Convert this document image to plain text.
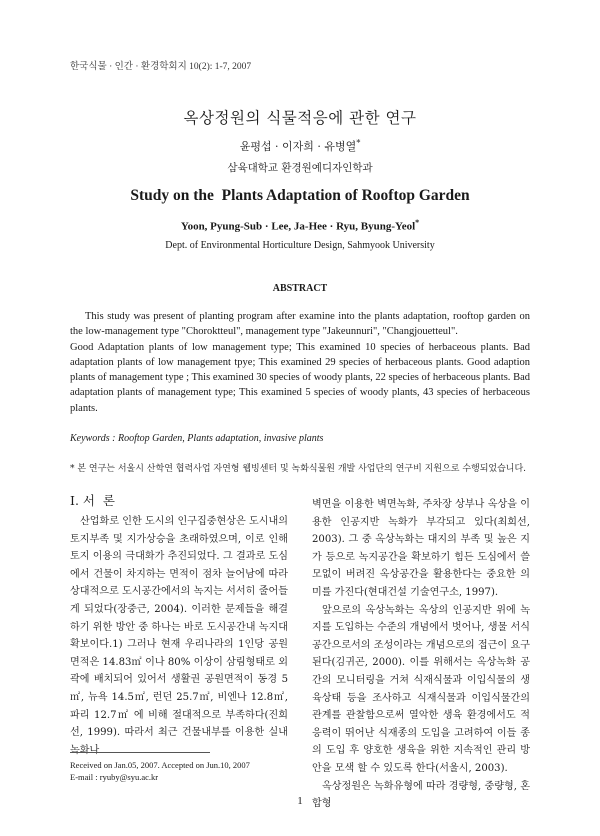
한국식물 · 인간 · 환경학회지 10(2): 1-7, 2007
옥상정원의 식물적응에 관한 연구
윤평섭 · 이자희 · 유병열*
삼육대학교 환경원예디자인학과
Study on the  Plants Adaptation of Rooftop Garden
Yoon, Pyung-Sub · Lee, Ja-Hee · Ryu, Byung-Yeol*
Dept. of Environmental Horticulture Design, Sahmyook University
ABSTRACT

This study was present of planting program after examine into the plants adaptation, rooftop garden on the low-management type "Choroktteul", management type "Jakeunnuri", "Changjouetteul".

Good Adaptation plants of low management type; This examined 10 species of herbaceous plants. Bad adaptation plants of low management tpye; This examined 29 species of herbaceous plants. Good adaption plants of management type ; This examined 30 species of woody plants, 22 species of herbaceous plants. Bad adaptation plants of management type; This examined 5 species of woody plants, 43 species of herbaceous plants.

Keywords : Rooftop Garden, Plants adaptation, invasive plants
* 본 연구는 서울시 산학연 협력사업 자연형 웹빙센터 및 녹화식물원 개발 사업단의 연구비 지원으로 수행되었습니다.
Ⅰ. 서  론

산업화로 인한 도시의 인구집중현상은 도시내의 토지부족 및 지가상승을 초래하였으며, 이로 인해 토지 이용의 극대화가 추진되었다. 그 결과로 도심에서 건물이 차지하는 면적이 점차 늘어남에 따라 상대적으로 도시공간에서의 녹지는 서서히 줄어들게 되었다(장중근, 2004). 이러한 문제들을 해결하기 위한 방안 중 하나는 바로 도시공간내 녹지대 확보이다.1) 그러나 현재 우리나라의 1인당 공원면적은 14.83㎡ 이나 80% 이상이 삼림형태로 외곽에 배치되어 있어서 생활권 공원면적이 동경 5㎡, 뉴욕 14.5㎡, 런던 25.7㎡, 비엔나 12.8㎡, 파리 12.7㎡ 에 비해 절대적으로 부족하다(진희선, 1999). 따라서 최근 건물내부를 이용한 실내녹화나

벽면을 이용한 벽면녹화, 주차장 상부나 옥상을 이용한 인공지반 녹화가 부각되고 있다(최희선, 2003). 그 중 옥상녹화는 대지의 부족 및 높은 지가 등으로 녹지공간을 확보하기 힘든 도심에서 쓸모없이 버려진 옥상공간을 활용한다는 중요한 의미를 가진다(현대건설 기술연구소, 1997).

앞으로의 옥상녹화는 옥상의 인공지반 위에 녹지를 도입하는 수준의 개념에서 벗어나, 생물 서식공간으로서의 조성이라는 개념으로의 접근이 요구된다(김귀곤, 2000). 이를 위해서는 옥상녹화 공간의 모니터링을 거쳐 식재식물과 이입식물의 생육상태 등을 조사하고 식재식물과 이입식물간의 관계를 관찰함으로써 열악한 생육 환경에서도 적응력이 뛰어난 식재종의 도입을 고려하여 이들 종의 도입 후 양호한 생육을 위한 지속적인 관리 방안을 모색 할 수 있도록 한다(서울시, 2003).

옥상정원은 녹화유형에 따라 경량형, 중량형, 혼합형

Received on Jan.05, 2007. Accepted on Jun.10, 2007
E-mail : ryuby@syu.ac.kr
1
